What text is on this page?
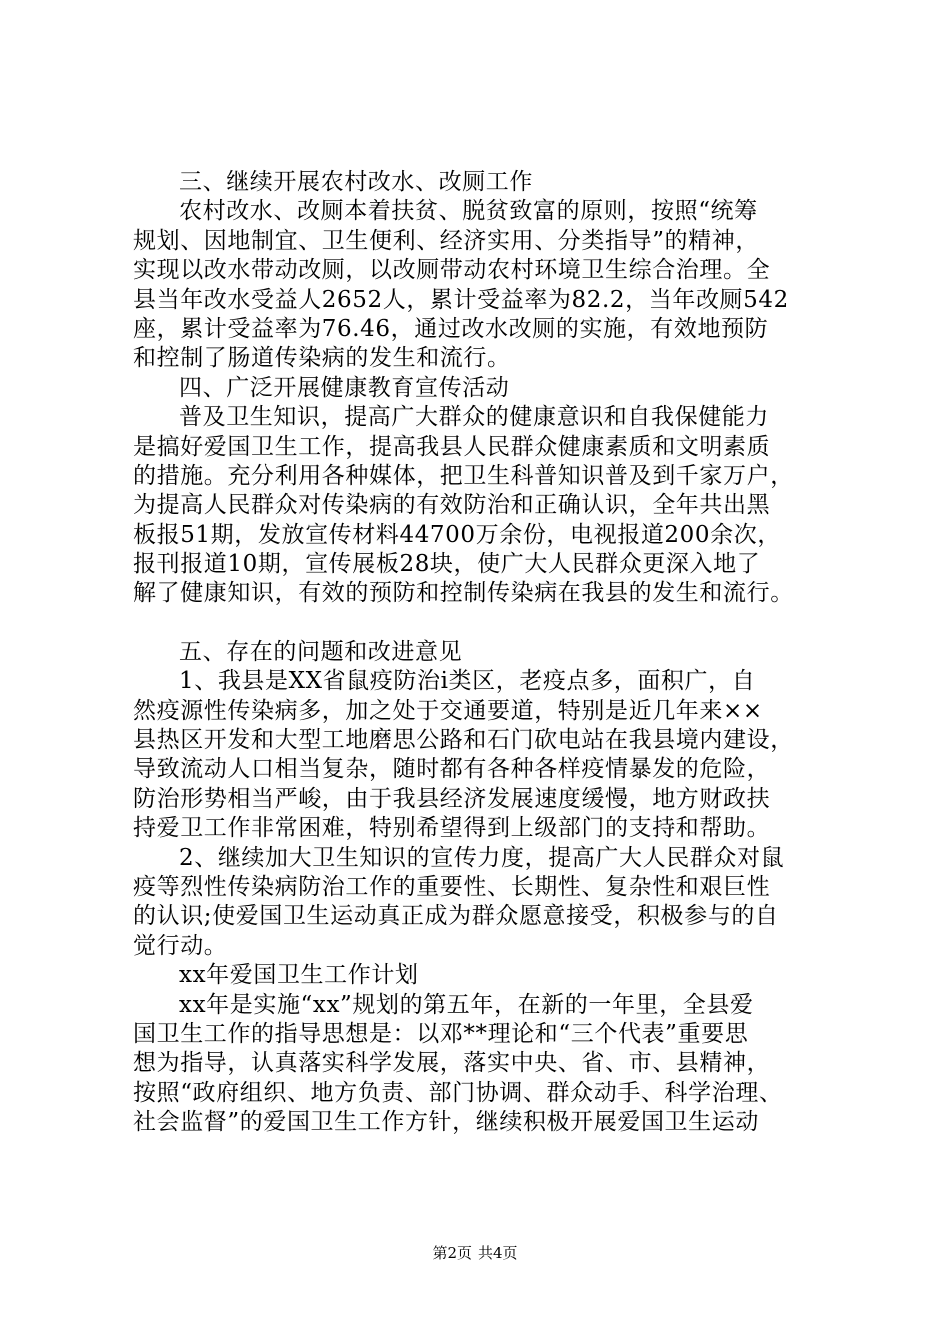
三、继续开展农村改水、改厕工作
农村改水、改厕本着扶贫、脱贫致富的原则，按照“统筹
规划、因地制宜、卫生便利、经济实用、分类指导”的精神，
实现以改水带动改厕，以改厕带动农村环境卫生综合治理。全
县当年改水受益人2652人，累计受益率为82.2，当年改厕542
座，累计受益率为76.46，通过改水改厕的实施，有效地预防
和控制了肠道传染病的发生和流行。
四、广泛开展健康教育宣传活动
普及卫生知识，提高广大群众的健康意识和自我保健能力
是搞好爱国卫生工作，提高我县人民群众健康素质和文明素质
的措施。充分利用各种媒体，把卫生科普知识普及到千家万户，
为提高人民群众对传染病的有效防治和正确认识，全年共出黑
板报51期，发放宣传材料44700万余份，电视报道200余次，
报刊报道10期，宣传展板28块，使广大人民群众更深入地了
解了健康知识，有效的预防和控制传染病在我县的发生和流行。
五、存在的问题和改进意见
1、我县是XX省鼠疫防治ⅰ类区，老疫点多，面积广，自
然疫源性传染病多，加之处于交通要道，特别是近几年来××
县热区开发和大型工地磨思公路和石门砍电站在我县境内建设，
导致流动人口相当复杂，随时都有各种各样疫情暴发的危险，
防治形势相当严峻，由于我县经济发展速度缓慢，地方财政扶
持爱卫工作非常困难，特别希望得到上级部门的支持和帮助。
2、继续加大卫生知识的宣传力度，提高广大人民群众对鼠
疫等烈性传染病防治工作的重要性、长期性、复杂性和艰巨性
的认识;使爱国卫生运动真正成为群众愿意接受，积极参与的自
觉行动。
xx年爱国卫生工作计划
xx年是实施“xx”规划的第五年，在新的一年里，全县爱
国卫生工作的指导思想是：以邓**理论和“三个代表”重要思
想为指导，认真落实科学发展，落实中央、省、市、县精神，
按照“政府组织、地方负责、部门协调、群众动手、科学治理、
社会监督”的爱国卫生工作方针，继续积极开展爱国卫生运动
第2页 共4页
